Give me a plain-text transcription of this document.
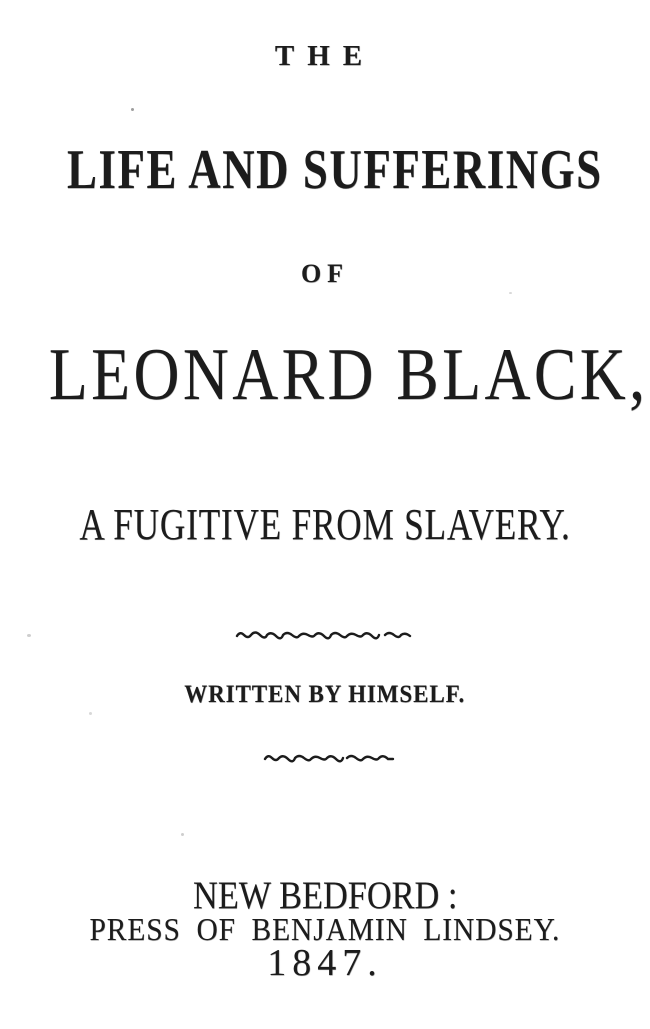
THE
LIFE AND SUFFERINGS
OF
LEONARD BLACK,
A FUGITIVE FROM SLAVERY.
WRITTEN BY HIMSELF.
NEW BEDFORD :
PRESS OF BENJAMIN LINDSEY.
1847.
